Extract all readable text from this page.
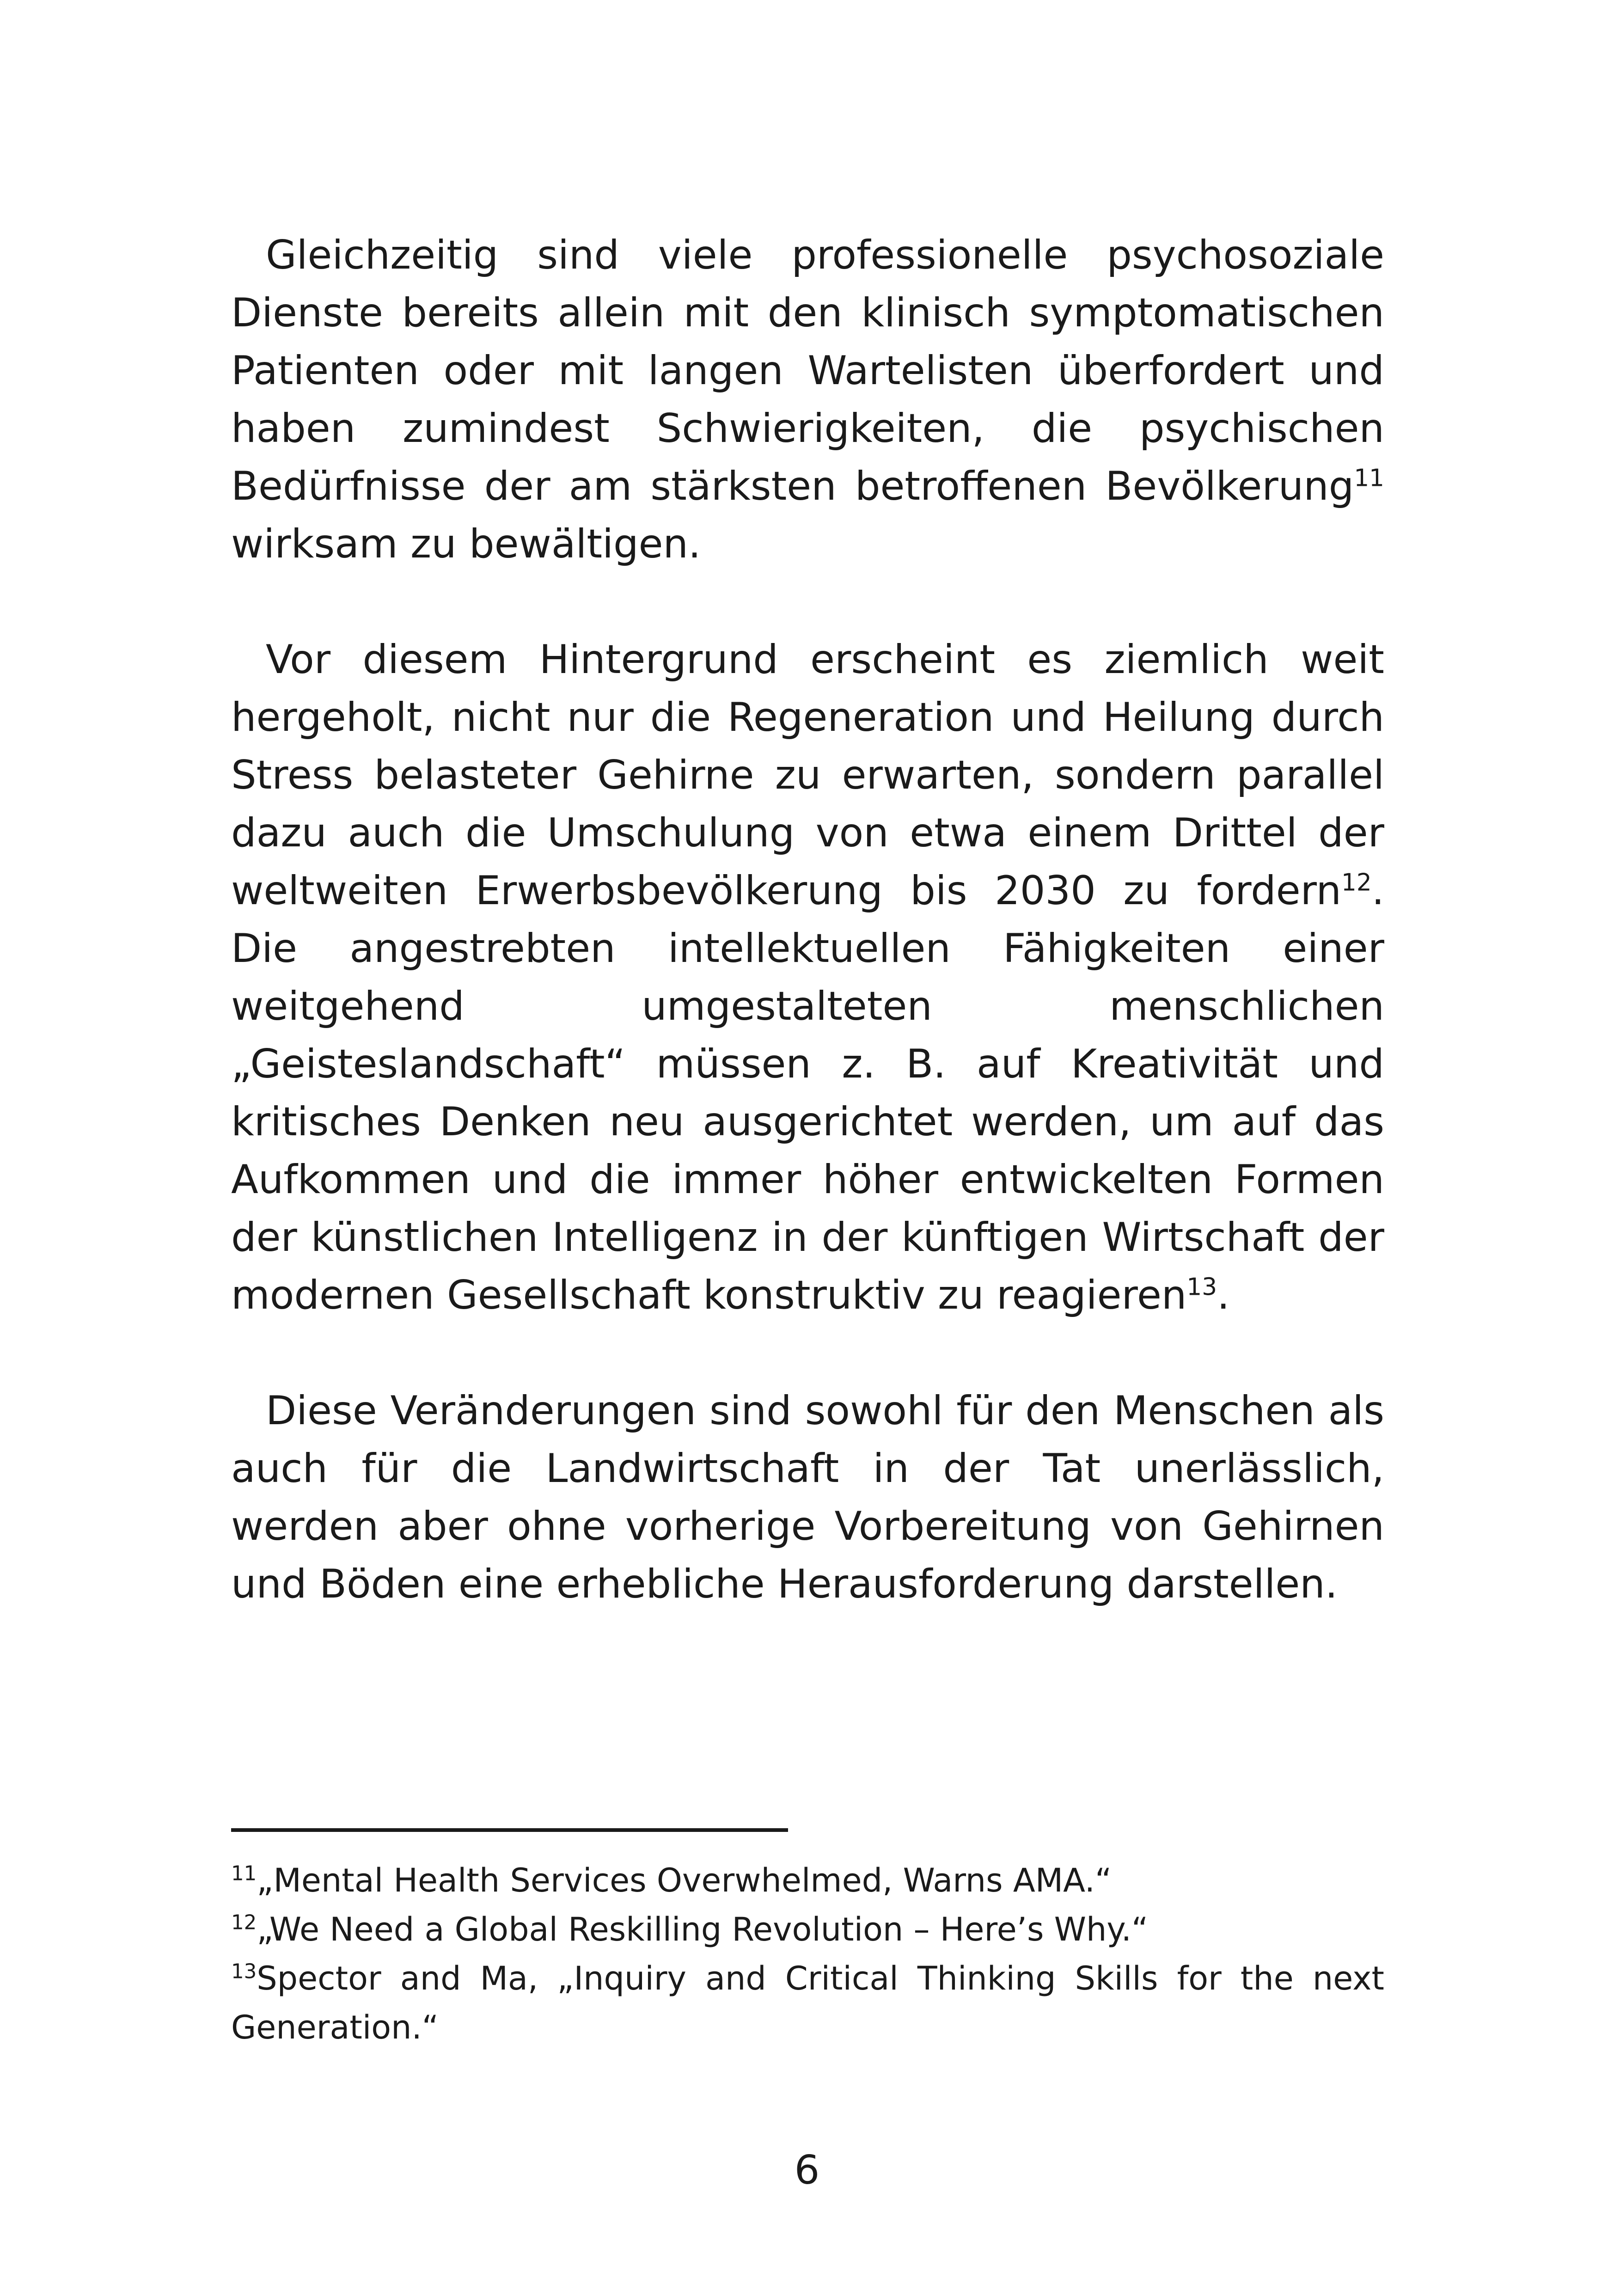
Gleichzeitig sind viele professionelle psychosoziale Dienste bereits allein mit den klinisch symptomatischen Patienten oder mit langen Wartelisten überfordert und haben zumindest Schwierigkeiten, die psychischen Bedürfnisse der am stärksten betroffenen Bevölkerung$^{11}$ wirksam zu bewältigen.

Vor diesem Hintergrund erscheint es ziemlich weit hergeholt, nicht nur die Regeneration und Heilung durch Stress belasteter Gehirne zu erwarten, sondern parallel dazu auch die Umschulung von etwa einem Drittel der weltweiten Erwerbsbevölkerung bis 2030 zu fordern$^{12}$. Die angestrebten intellektuellen Fähigkeiten einer weitgehend umgestalteten menschlichen „Geisteslandschaft“ müssen z. B. auf Kreativität und kritisches Denken neu ausgerichtet werden, um auf das Aufkommen und die immer höher entwickelten Formen der künstlichen Intelligenz in der künftigen Wirtschaft der modernen Gesellschaft konstruktiv zu reagieren$^{13}$.

Diese Veränderungen sind sowohl für den Menschen als auch für die Landwirtschaft in der Tat unerlässlich, werden aber ohne vorherige Vorbereitung von Gehirnen und Böden eine erhebliche Herausforderung darstellen.

$^{11}$„Mental Health Services Overwhelmed, Warns AMA.“

$^{12}$„We Need a Global Reskilling Revolution – Here’s Why.“

$^{13}$Spector and Ma, „Inquiry and Critical Thinking Skills for the next Generation.“

6
